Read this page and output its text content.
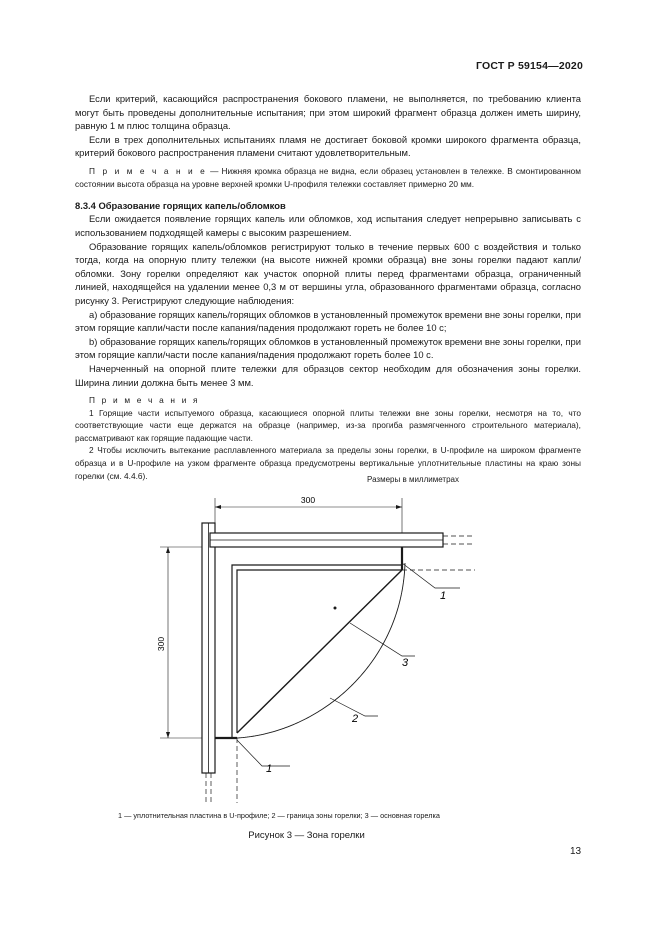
ГОСТ Р 59154—2020

Если критерий, касающийся распространения бокового пламени, не выполняется, по требованию клиента могут быть проведены дополнительные испытания; при этом широкий фрагмент образца должен иметь ширину, равную 1 м плюс толщина образца.

Если в трех дополнительных испытаниях пламя не достигает боковой кромки широкого фрагмента образца, критерий бокового распространения пламени считают удовлетворительным.

П р и м е ч а н и е — Нижняя кромка образца не видна, если образец установлен в тележке. В смонтированном состоянии высота образца на уровне верхней кромки U-профиля тележки составляет примерно 20 мм.

8.3.4 Образование горящих капель/обломков

Если ожидается появление горящих капель или обломков, ход испытания следует непрерывно записывать с использованием подходящей камеры с высоким разрешением.

Образование горящих капель/обломков регистрируют только в течение первых 600 с воздействия и только тогда, когда на опорную плиту тележки (на высоте нижней кромки образца) вне зоны горелки падают капли/обломки. Зону горелки определяют как участок опорной плиты перед фрагментами образца, ограниченный линией, находящейся на удалении менее 0,3 м от вершины угла, образованного фрагментами образца, согласно рисунку 3. Регистрируют следующие наблюдения:

a) образование горящих капель/горящих обломков в установленный промежуток времени вне зоны горелки, при этом горящие капли/части после капания/падения продолжают гореть не более 10 с;

b) образование горящих капель/горящих обломков в установленный промежуток времени вне зоны горелки, при этом горящие капли/части после капания/падения продолжают гореть более 10 с.

Начерченный на опорной плите тележки для образцов сектор необходим для обозначения зоны горелки. Ширина линии должна быть менее 3 мм.

П р и м е ч а н и я

1 Горящие части испытуемого образца, касающиеся опорной плиты тележки вне зоны горелки, несмотря на то, что соответствующие части еще держатся на образце (например, из-за прогиба размягченного строительного материала), рассматривают как горящие падающие части.

2 Чтобы исключить вытекание расплавленного материала за пределы зоны горелки, в U-профиле на широком фрагменте образца и в U-профиле на узком фрагменте образца предусмотрены вертикальные уплотнительные пластины на краю зоны горелки (см. 4.4.6).	Размеры в миллиметрах
300
300
1
3
2
1
1 — уплотнительная пластина в U-профиле; 2 — граница зоны горелки; 3 — основная горелка
Рисунок 3 — Зона горелки
13
